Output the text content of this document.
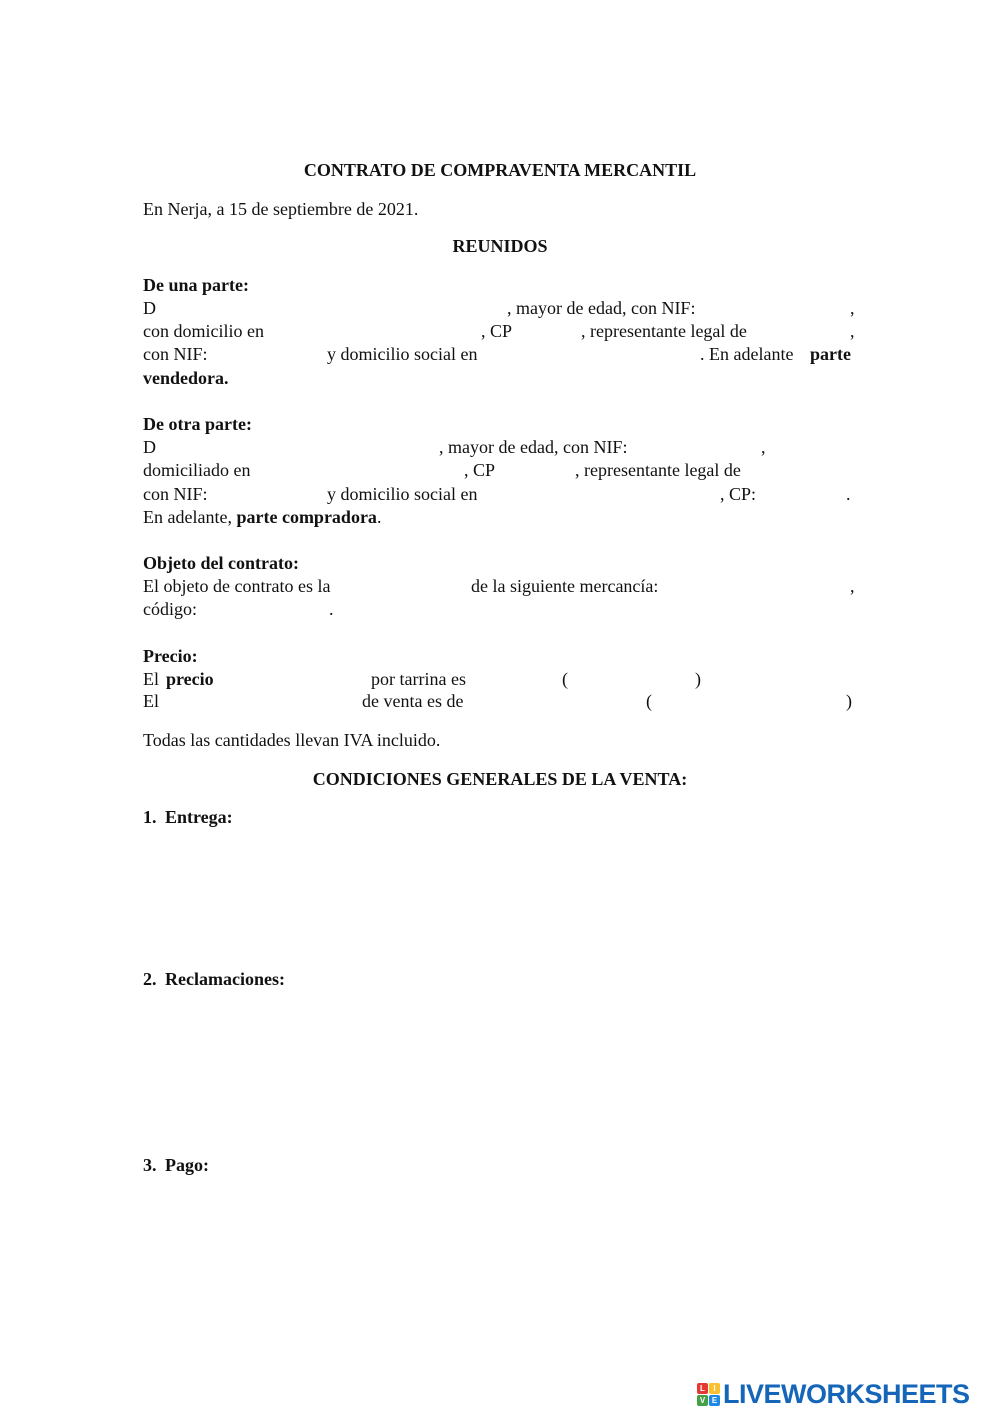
CONTRATO DE COMPRAVENTA MERCANTIL
En Nerja, a 15 de septiembre de 2021.
REUNIDOS
De una parte:
D	, mayor de edad, con NIF:	,
con domicilio en	, CP	, representante legal de	,
con NIF:	y domicilio social en	. En adelante parte
vendedora.
De otra parte:
D	, mayor de edad, con NIF:	,
domiciliado en	, CP	, representante legal de
con NIF:	y domicilio social en	, CP:	.
En adelante, parte compradora.
Objeto del contrato:
El objeto de contrato es la	de la siguiente mercancía:	,
código:	.
Precio:
El precio	por tarrina es	(	)
El	de venta es de	(	)
Todas las cantidades llevan IVA incluido.
CONDICIONES GENERALES DE LA VENTA:
1. Entrega:
2. Reclamaciones:
3. Pago:
L	I
V E LIVEWORKSHEETS
